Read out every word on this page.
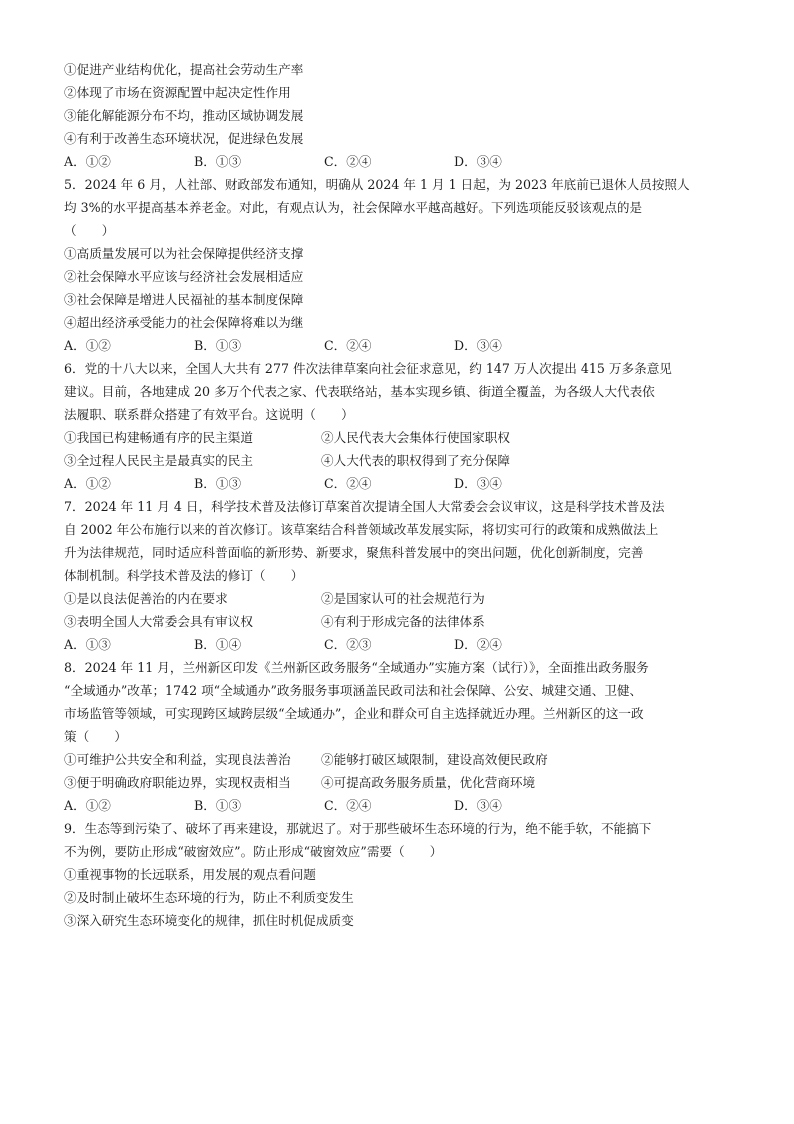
①促进产业结构优化，提高社会劳动生产率
②体现了市场在资源配置中起决定性作用
③能化解能源分布不均，推动区域协调发展
④有利于改善生态环境状况，促进绿色发展
A．①②	B．①③	C．②④	D．③④
5．2024 年 6 月，人社部、财政部发布通知，明确从 2024 年 1 月 1 日起，为 2023 年底前已退休人员按照人
均 3%的水平提高基本养老金。对此，有观点认为，社会保障水平越高越好。下列选项能反驳该观点的是
（　　）
①高质量发展可以为社会保障提供经济支撑
②社会保障水平应该与经济社会发展相适应
③社会保障是增进人民福祉的基本制度保障
④超出经济承受能力的社会保障将难以为继
A．①②	B．①③	C．②④	D．③④
6．党的十八大以来，全国人大共有 277 件次法律草案向社会征求意见，约 147 万人次提出 415 万多条意见
建议。目前，各地建成 20 多万个代表之家、代表联络站，基本实现乡镇、街道全覆盖，为各级人大代表依
法履职、联系群众搭建了有效平台。这说明（　　）
①我国已构建畅通有序的民主渠道	②人民代表大会集体行使国家职权
③全过程人民民主是最真实的民主	④人大代表的职权得到了充分保障
A．①②	B．①③	C．②④	D．③④
7．2024 年 11 月 4 日，科学技术普及法修订草案首次提请全国人大常委会会议审议，这是科学技术普及法
自 2002 年公布施行以来的首次修订。该草案结合科普领域改革发展实际，将切实可行的政策和成熟做法上
升为法律规范，同时适应科普面临的新形势、新要求，聚焦科普发展中的突出问题，优化创新制度，完善
体制机制。科学技术普及法的修订（　　）
①是以良法促善治的内在要求	②是国家认可的社会规范行为
③表明全国人大常委会具有审议权	④有利于形成完备的法律体系
A．①③	B．①④	C．②③	D．②④
8．2024 年 11 月，兰州新区印发《兰州新区政务服务“全域通办”实施方案（试行）》，全面推出政务服务
“全域通办”改革；1742 项“全域通办”政务服务事项涵盖民政司法和社会保障、公安、城建交通、卫健、
市场监管等领域，可实现跨区域跨层级“全域通办”，企业和群众可自主选择就近办理。兰州新区的这一政
策（　　）
①可维护公共安全和利益，实现良法善治	②能够打破区域限制，建设高效便民政府
③便于明确政府职能边界，实现权责相当	④可提高政务服务质量，优化营商环境
A．①②	B．①③	C．②④	D．③④
9．生态等到污染了、破坏了再来建设，那就迟了。对于那些破坏生态环境的行为，绝不能手软，不能搞下
不为例，要防止形成“破窗效应”。防止形成“破窗效应”需要（　　）
①重视事物的长远联系，用发展的观点看问题
②及时制止破坏生态环境的行为，防止不利质变发生
③深入研究生态环境变化的规律，抓住时机促成质变
